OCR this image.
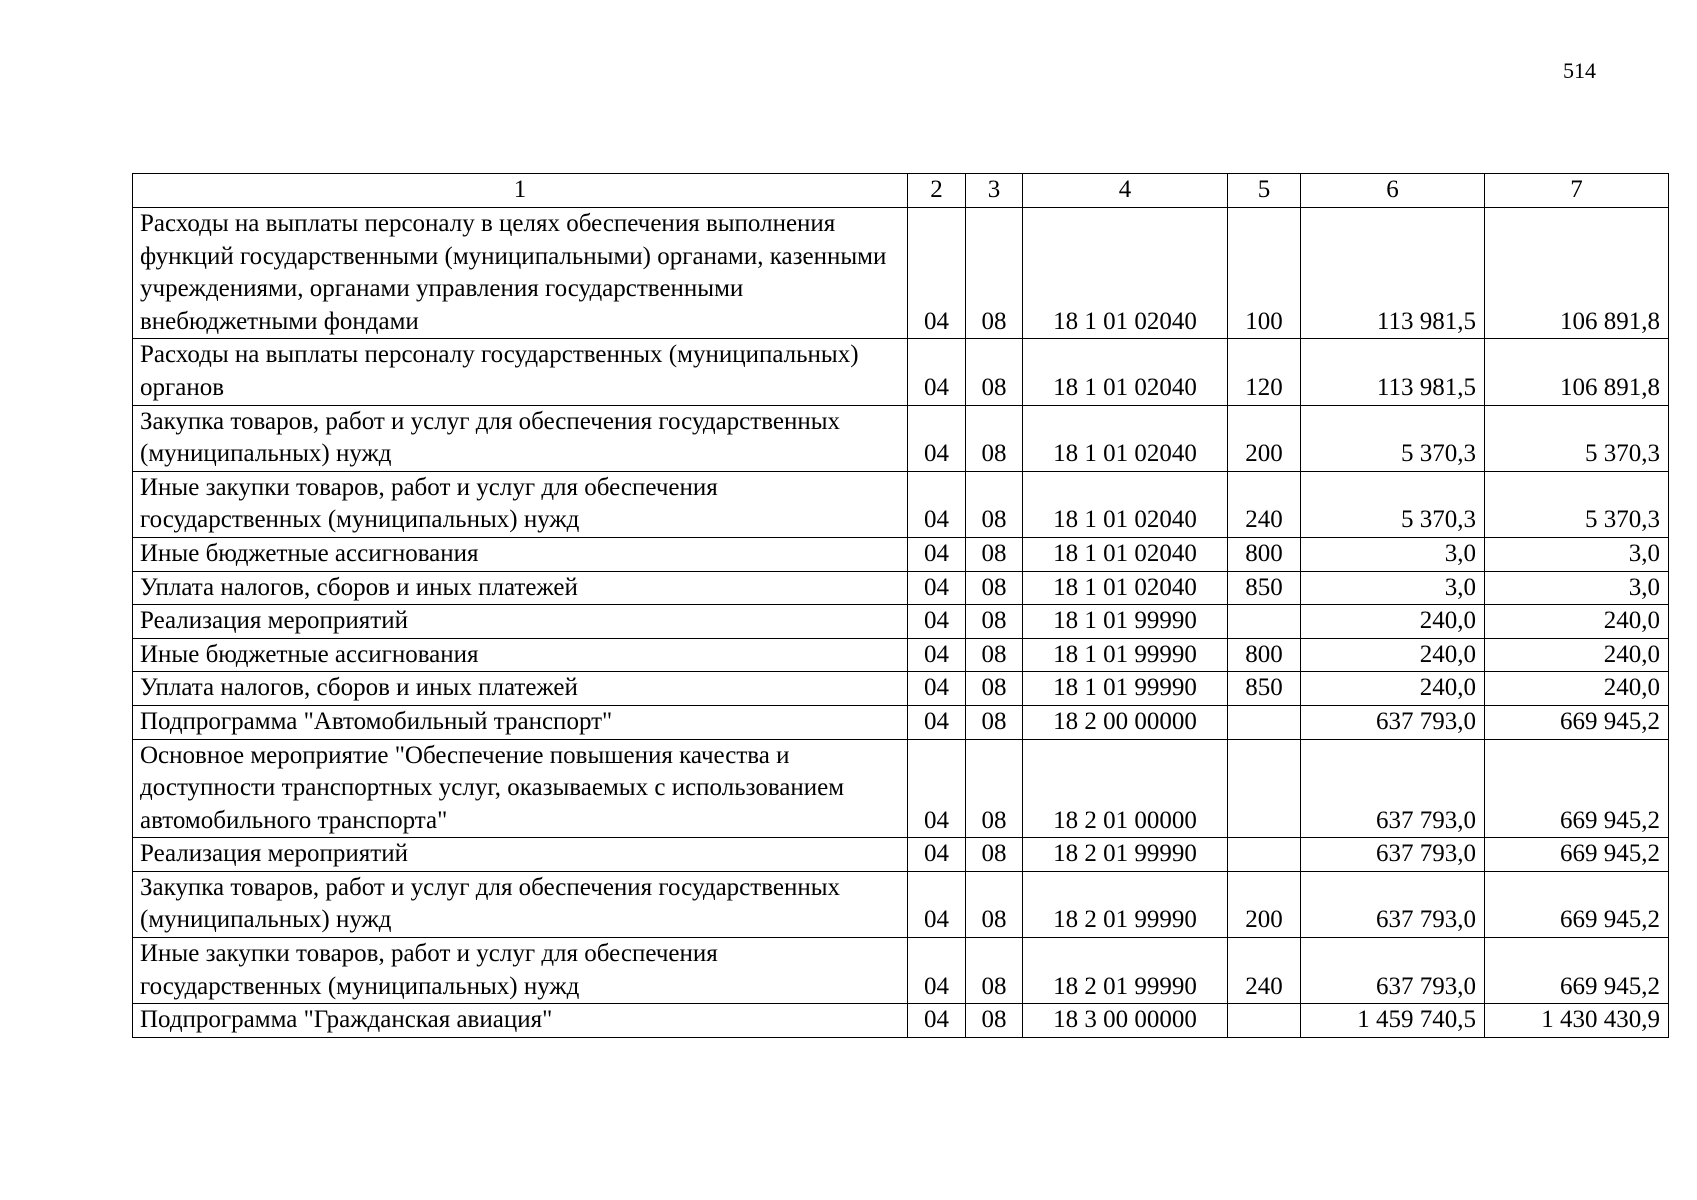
514
1	2	3	4	5	6	7
Расходы на выплаты персоналу в целях обеспечения выполнения функций государственными (муниципальными) органами, казенными учреждениями, органами управления государственными внебюджетными фондами	04	08	18 1 01 02040	100	113 981,5	106 891,8
Расходы на выплаты персоналу государственных (муниципальных) органов	04	08	18 1 01 02040	120	113 981,5	106 891,8
Закупка товаров, работ и услуг для обеспечения государственных (муниципальных) нужд	04	08	18 1 01 02040	200	5 370,3	5 370,3
Иные закупки товаров, работ и услуг для обеспечения государственных (муниципальных) нужд	04	08	18 1 01 02040	240	5 370,3	5 370,3
Иные бюджетные ассигнования	04	08	18 1 01 02040	800	3,0	3,0
Уплата налогов, сборов и иных платежей	04	08	18 1 01 02040	850	3,0	3,0
Реализация мероприятий	04	08	18 1 01 99990		240,0	240,0
Иные бюджетные ассигнования	04	08	18 1 01 99990	800	240,0	240,0
Уплата налогов, сборов и иных платежей	04	08	18 1 01 99990	850	240,0	240,0
Подпрограмма "Автомобильный транспорт"	04	08	18 2 00 00000		637 793,0	669 945,2
Основное мероприятие "Обеспечение повышения качества и доступности транспортных услуг, оказываемых с использованием автомобильного транспорта"	04	08	18 2 01 00000		637 793,0	669 945,2
Реализация мероприятий	04	08	18 2 01 99990		637 793,0	669 945,2
Закупка товаров, работ и услуг для обеспечения государственных (муниципальных) нужд	04	08	18 2 01 99990	200	637 793,0	669 945,2
Иные закупки товаров, работ и услуг для обеспечения государственных (муниципальных) нужд	04	08	18 2 01 99990	240	637 793,0	669 945,2
Подпрограмма "Гражданская авиация"	04	08	18 3 00 00000		1 459 740,5	1 430 430,9
